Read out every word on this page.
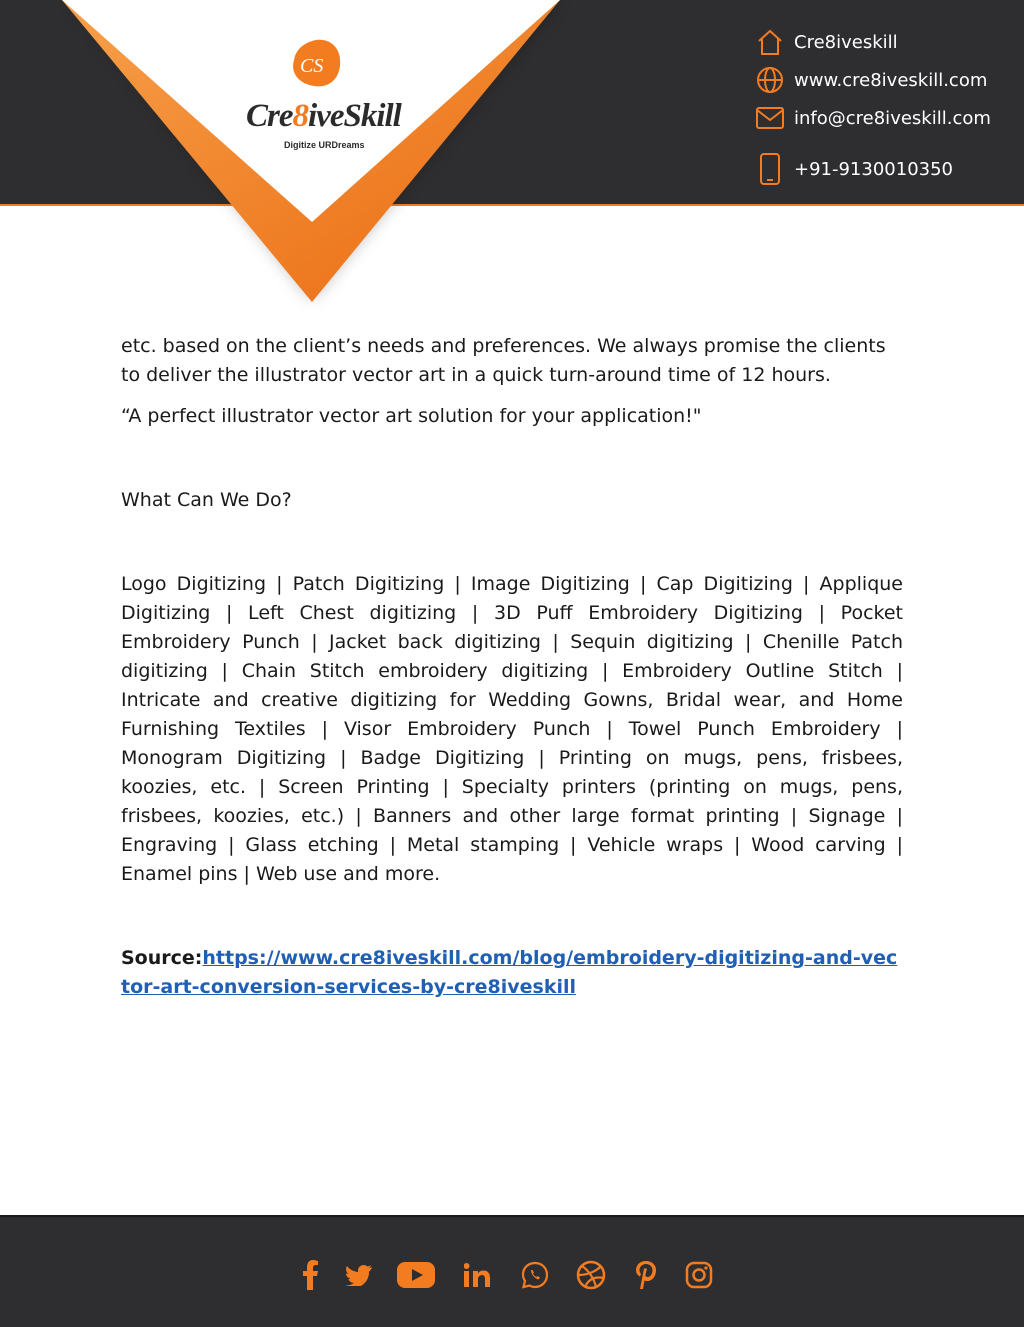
CS
Cre8iveSkill
Digitize URDreams
Cre8iveskill
www.cre8iveskill.com
info@cre8iveskill.com
+91-9130010350

etc. based on the client’s needs and preferences. We always promise the clients to deliver the illustrator vector art in a quick turn-around time of 12 hours.

“A perfect illustrator vector art solution for your application!"

What Can We Do?

Logo Digitizing | Patch Digitizing | Image Digitizing | Cap Digitizing | Applique Digitizing | Left Chest digitizing | 3D Puff Embroidery Digitizing | Pocket Embroidery Punch | Jacket back digitizing | Sequin digitizing | Chenille Patch digitizing | Chain Stitch embroidery digitizing | Embroidery Outline Stitch | Intricate and creative digitizing for Wedding Gowns, Bridal wear, and Home Furnishing Textiles | Visor Embroidery Punch | Towel Punch Embroidery | Monogram Digitizing | Badge Digitizing | Printing on mugs, pens, frisbees, koozies, etc. | Screen Printing | Specialty printers (printing on mugs, pens, frisbees, koozies, etc.) | Banners and other large format printing | Signage | Engraving | Glass etching | Metal stamping | Vehicle wraps | Wood carving | Enamel pins | Web use and more.

Source:https://www.cre8iveskill.com/blog/embroidery-digitizing-and-vector-art-conversion-services-by-cre8iveskill
